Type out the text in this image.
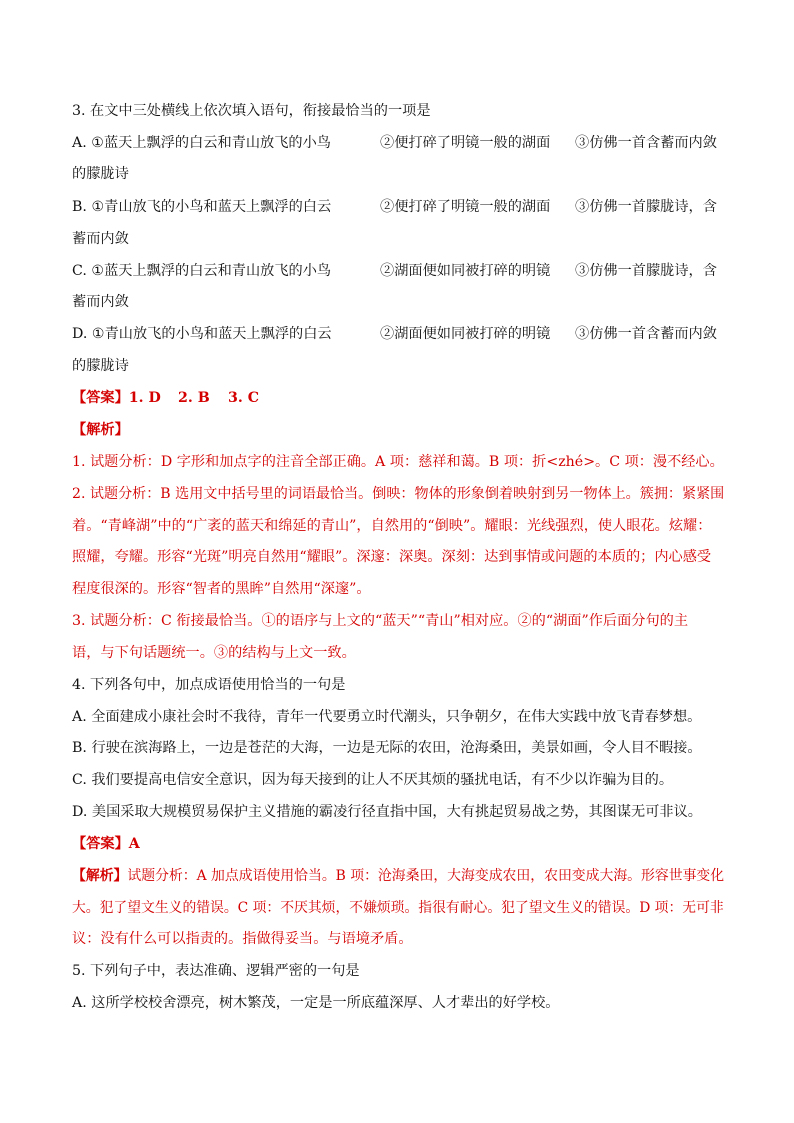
3. 在文中三处横线上依次填入语句，衔接最恰当的一项是
A. ①蓝天上飘浮的白云和青山放飞的小鸟	②便打碎了明镜一般的湖面 ③仿佛一首含蓄而内敛
的朦胧诗
B. ①青山放飞的小鸟和蓝天上飘浮的白云	②便打碎了明镜一般的湖面 ③仿佛一首朦胧诗，含
蓄而内敛
C. ①蓝天上飘浮的白云和青山放飞的小鸟	②湖面便如同被打碎的明镜 ③仿佛一首朦胧诗，含
蓄而内敛
D. ①青山放飞的小鸟和蓝天上飘浮的白云	②湖面便如同被打碎的明镜 ③仿佛一首含蓄而内敛
的朦胧诗
【答案】1. D 2. B 3. C
【解析】
1. 试题分析：D 字形和加点字的注音全部正确。A 项：慈祥和蔼。B 项：折<zhé>。C 项：漫不经心。
2. 试题分析：B 选用文中括号里的词语最恰当。倒映：物体的形象倒着映射到另一物体上。簇拥：紧紧围
着。“青峰湖”中的“广袤的蓝天和绵延的青山”，自然用的“倒映”。耀眼：光线强烈，使人眼花。炫耀：
照耀，夸耀。形容“光斑”明亮自然用“耀眼”。深邃：深奥。深刻：达到事情或问题的本质的；内心感受
程度很深的。形容“智者的黑眸”自然用“深邃”。
3. 试题分析：C 衔接最恰当。①的语序与上文的“蓝天”“青山”相对应。②的“湖面”作后面分句的主
语，与下句话题统一。③的结构与上文一致。
4. 下列各句中，加点成语使用恰当的一句是
A. 全面建成小康社会时不我待，青年一代要勇立时代潮头，只争朝夕，在伟大实践中放飞青春梦想。
B. 行驶在滨海路上，一边是苍茫的大海，一边是无际的农田，沧海桑田，美景如画，令人目不暇接。
C. 我们要提高电信安全意识，因为每天接到的让人不厌其烦的骚扰电话，有不少以诈骗为目的。
D. 美国采取大规模贸易保护主义措施的霸凌行径直指中国，大有挑起贸易战之势，其图谋无可非议。
【答案】A
【解析】试题分析：A 加点成语使用恰当。B 项：沧海桑田，大海变成农田，农田变成大海。形容世事变化
大。犯了望文生义的错误。C 项：不厌其烦，不嫌烦琐。指很有耐心。犯了望文生义的错误。D 项：无可非
议：没有什么可以指责的。指做得妥当。与语境矛盾。
5. 下列句子中，表达准确、逻辑严密的一句是
A. 这所学校校舍漂亮，树木繁茂，一定是一所底蕴深厚、人才辈出的好学校。
